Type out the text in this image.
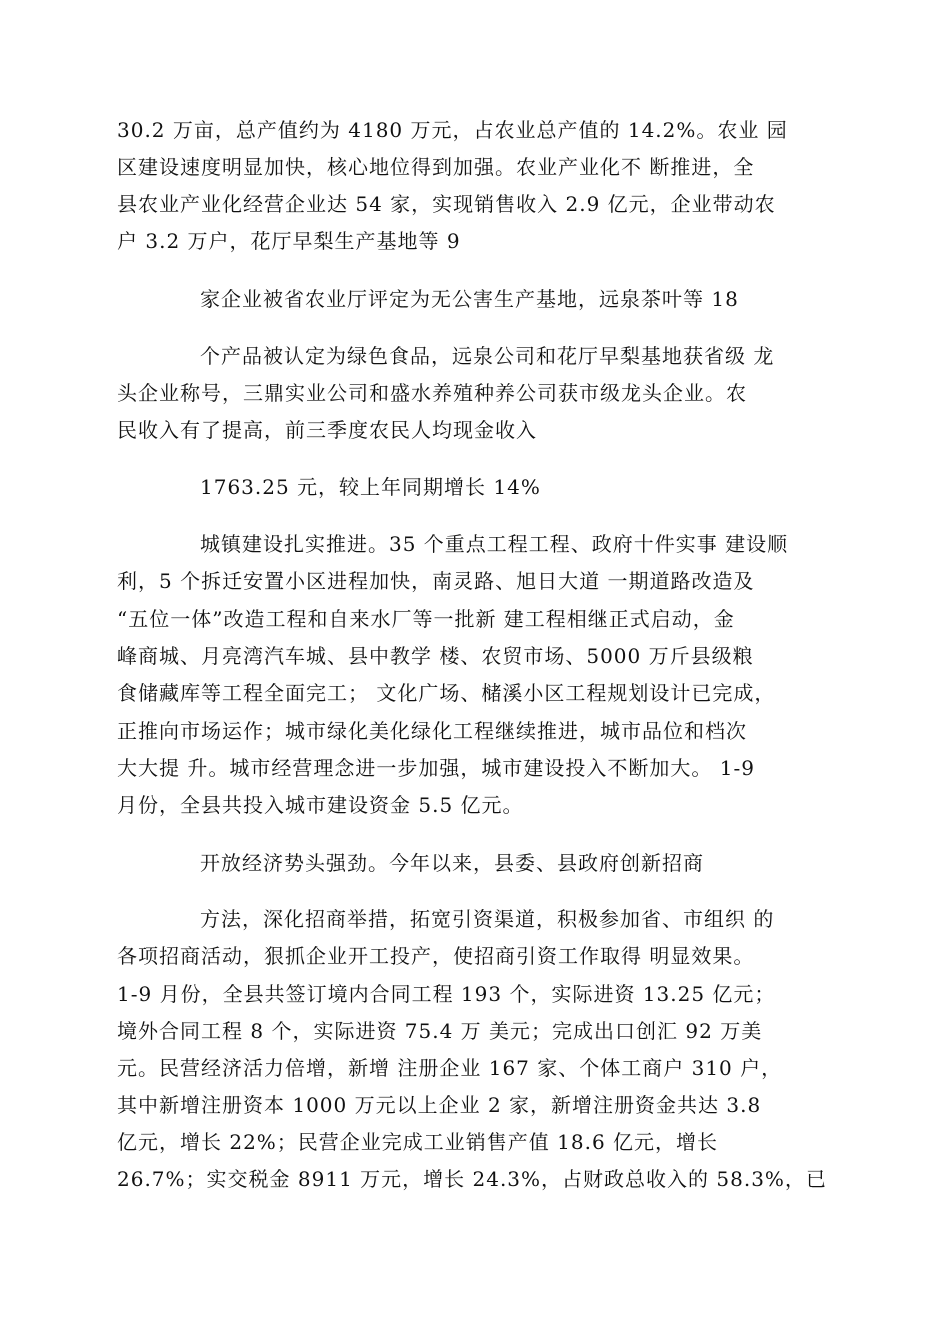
30.2 万亩，总产值约为 4180 万元，占农业总产值的 14.2%。农业 园
区建设速度明显加快，核心地位得到加强。农业产业化不 断推进，全
县农业产业化经营企业达 54 家，实现销售收入 2.9 亿元，企业带动农
户 3.2 万户，花厅早梨生产基地等 9
家企业被省农业厅评定为无公害生产基地，远泉茶叶等 18
个产品被认定为绿色食品，远泉公司和花厅早梨基地获省级 龙
头企业称号，三鼎实业公司和盛水养殖种养公司获市级龙头企业。农
民收入有了提高，前三季度农民人均现金收入
1763.25 元，较上年同期增长 14%
城镇建设扎实推进。35 个重点工程工程、政府十件实事 建设顺
利，5 个拆迁安置小区进程加快，南灵路、旭日大道 一期道路改造及
“五位一体”改造工程和自来水厂等一批新 建工程相继正式启动，金
峰商城、月亮湾汽车城、县中教学 楼、农贸市场、5000 万斤县级粮
食储藏库等工程全面完工； 文化广场、槠溪小区工程规划设计已完成，
正推向市场运作；城市绿化美化绿化工程继续推进，城市品位和档次
大大提 升。城市经营理念进一步加强，城市建设投入不断加大。 1-9
月份，全县共投入城市建设资金 5.5 亿元。
开放经济势头强劲。今年以来，县委、县政府创新招商
方法，深化招商举措，拓宽引资渠道，积极参加省、市组织 的
各项招商活动，狠抓企业开工投产，使招商引资工作取得 明显效果。
1-9 月份，全县共签订境内合同工程 193 个，实际进资 13.25 亿元；
境外合同工程 8 个，实际进资 75.4 万 美元；完成出口创汇 92 万美
元。民营经济活力倍增，新增 注册企业 167 家、个体工商户 310 户，
其中新增注册资本 1000 万元以上企业 2 家，新增注册资金共达 3.8
亿元，增长 22%；民营企业完成工业销售产值 18.6 亿元，增长
26.7%；实交税金 8911 万元，增长 24.3%，占财政总收入的 58.3%，已
